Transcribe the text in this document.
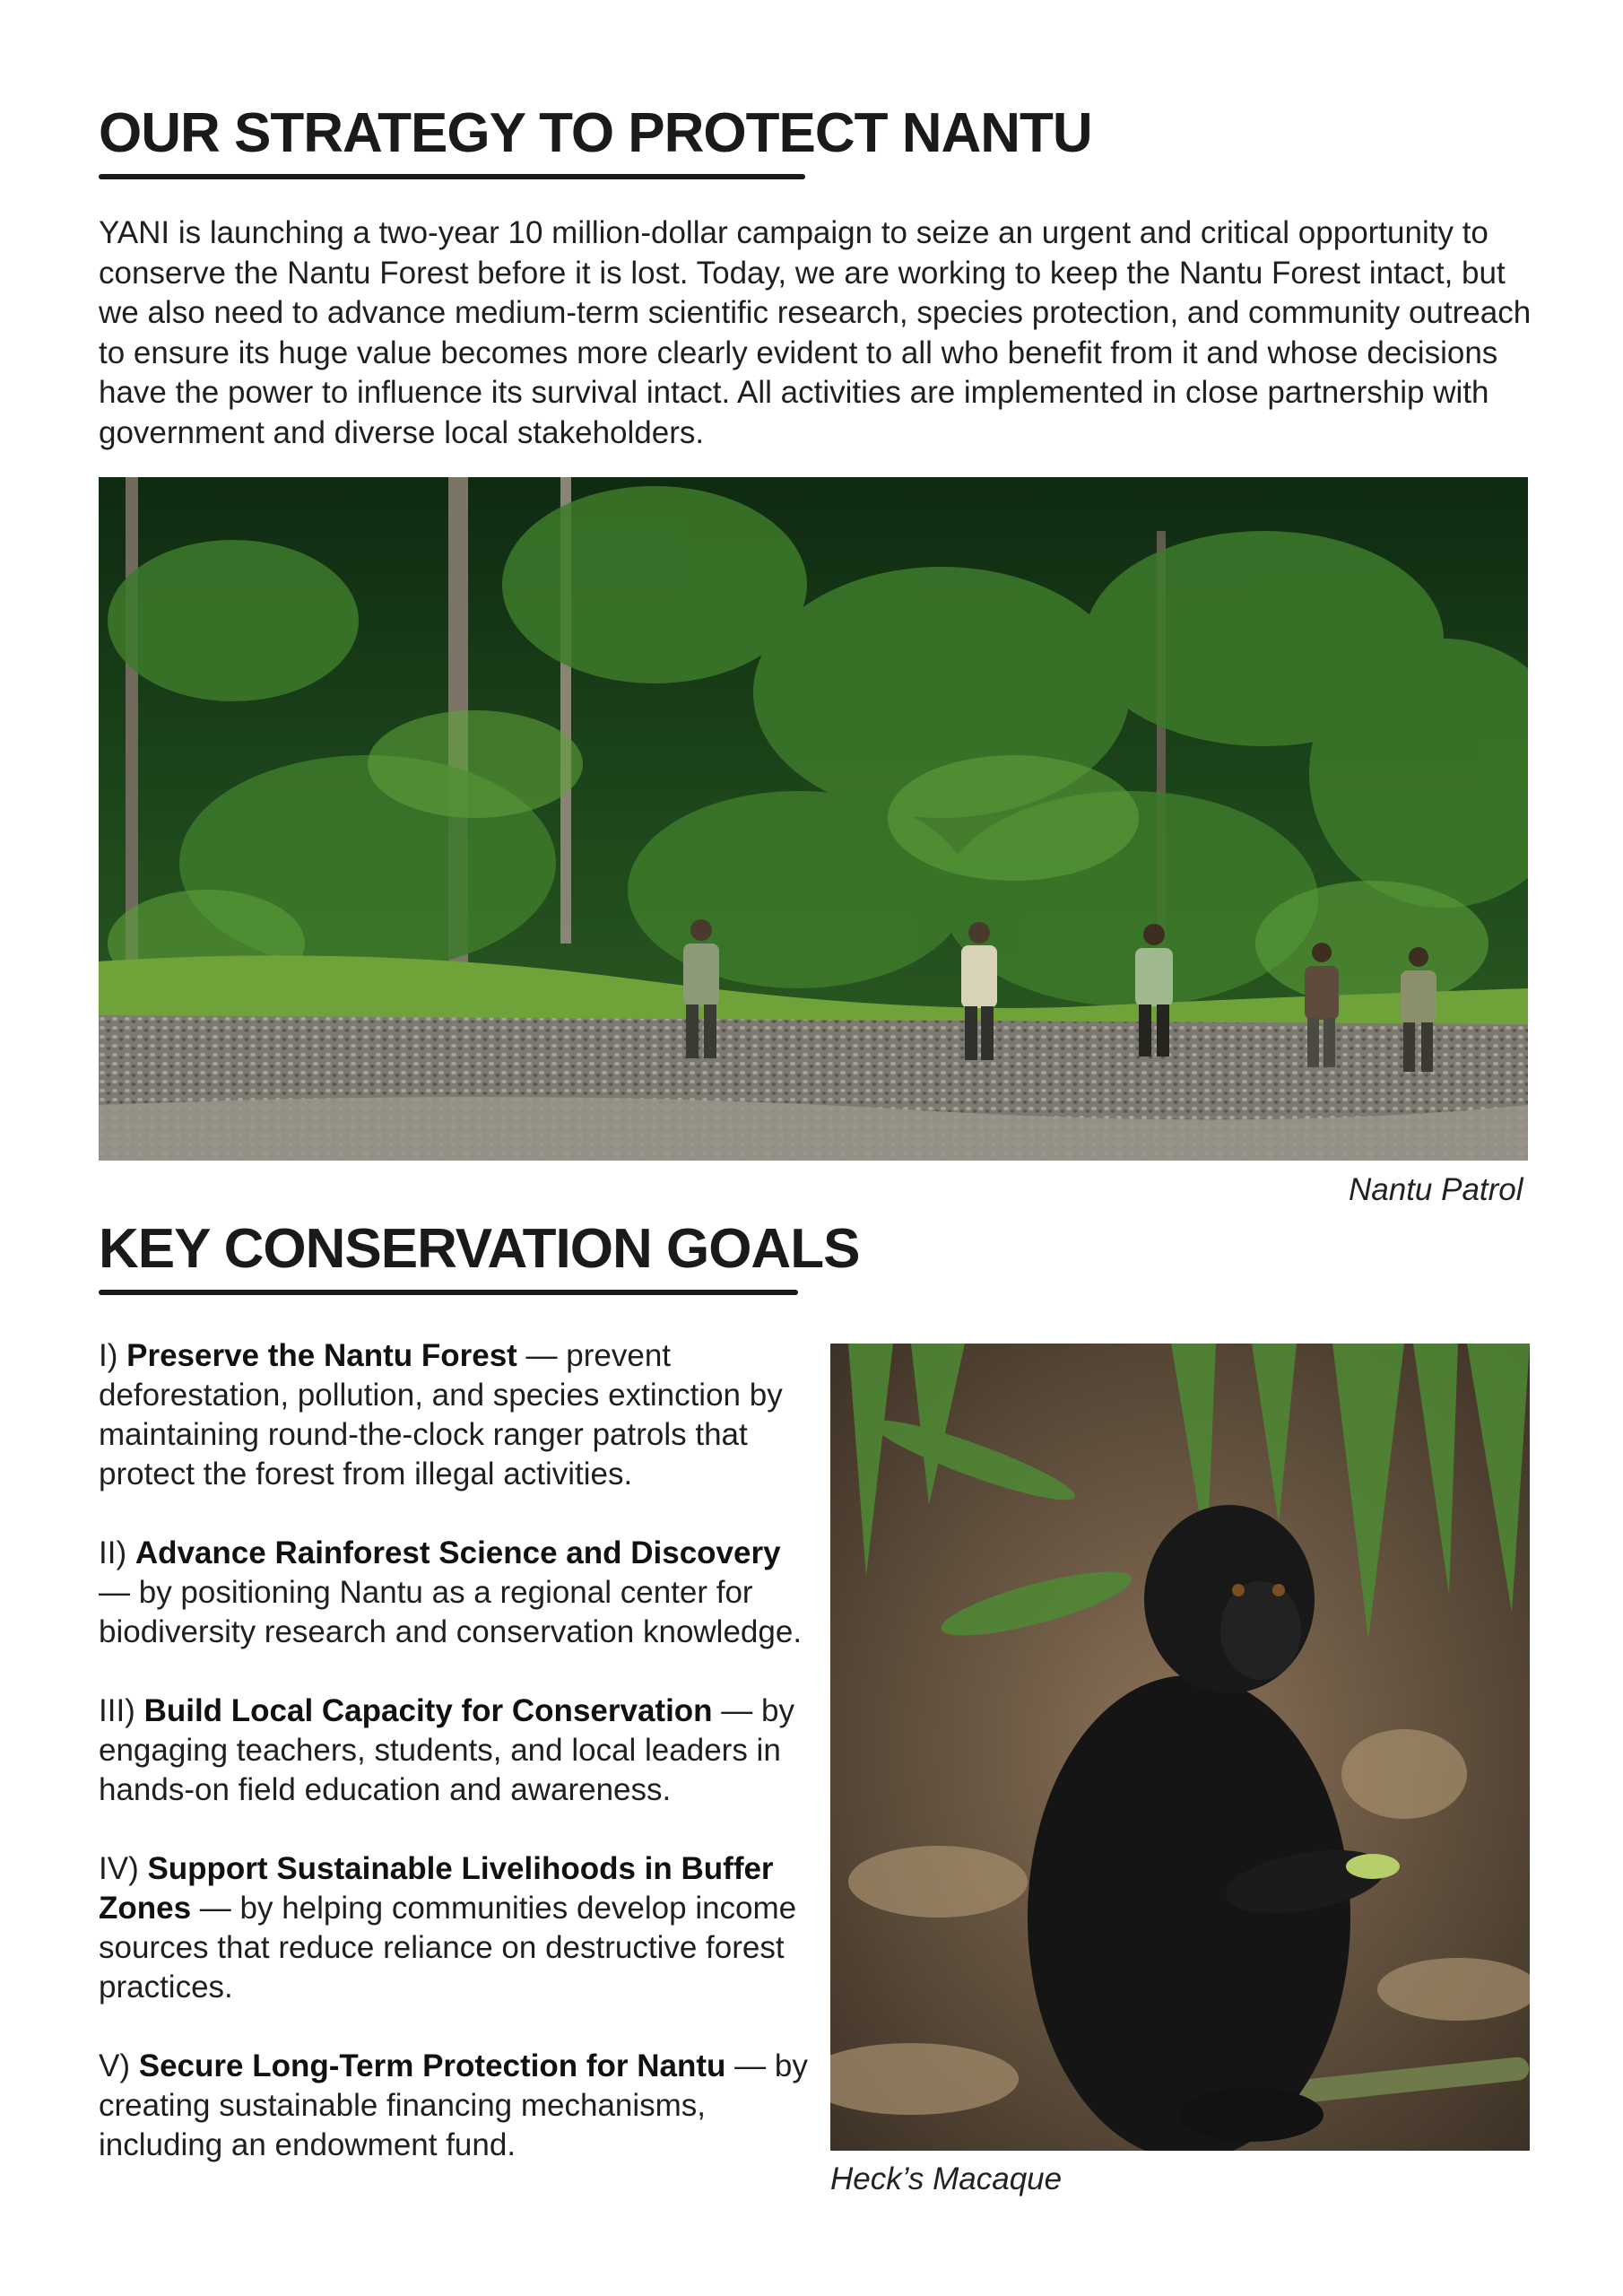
OUR STRATEGY TO PROTECT NANTU

YANI is launching a two-year 10 million-dollar campaign to seize an urgent and critical opportunity to conserve the Nantu Forest before it is lost. Today, we are working to keep the Nantu Forest intact, but we also need to advance medium-term scientific research, species protection, and community outreach to ensure its huge value becomes more clearly evident to all who benefit from it and whose decisions have the power to influence its survival intact. All activities are implemented in close partnership with government and diverse local stakeholders.

Nantu Patrol

KEY CONSERVATION GOALS

I) Preserve the Nantu Forest — prevent deforestation, pollution, and species extinction by maintaining round-the-clock ranger patrols that protect the forest from illegal activities.

II) Advance Rainforest Science and Discovery — by positioning Nantu as a regional center for biodiversity research and conservation knowledge.

III) Build Local Capacity for Conservation — by engaging teachers, students, and local leaders in hands-on field education and awareness.

IV) Support Sustainable Livelihoods in Buffer Zones — by helping communities develop income sources that reduce reliance on destructive forest practices.

V) Secure Long-Term Protection for Nantu — by creating sustainable financing mechanisms, including an endowment fund.

Heck’s Macaque
